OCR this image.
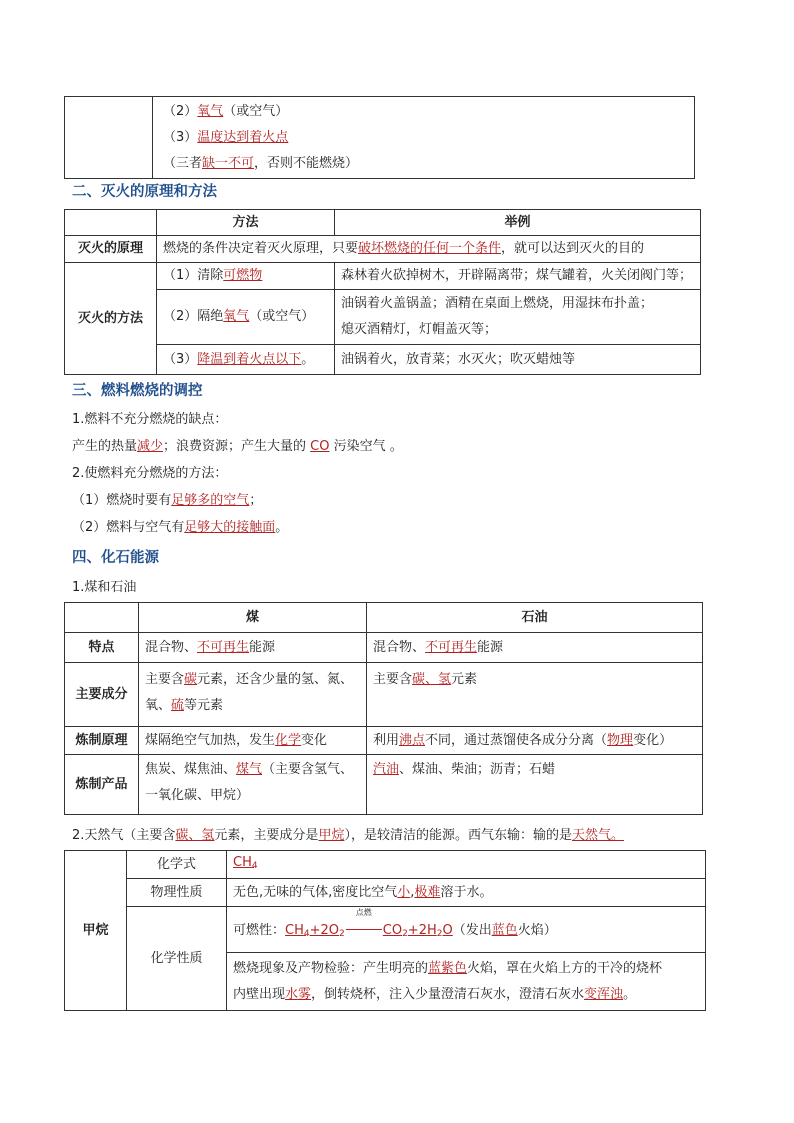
（2）氧气（或空气）
（3）温度达到着火点
（三者缺一不可，否则不能燃烧）
二、灭火的原理和方法
	方法	举例
灭火的原理	燃烧的条件决定着灭火原理，只要破坏燃烧的任何一个条件，就可以达到灭火的目的	
灭火的方法	（1）清除可燃物	森林着火砍掉树木，开辟隔离带；煤气罐着，火关闭阀门等；
	（2）隔绝氧气（或空气）	油锅着火盖锅盖；酒精在桌面上燃烧，用湿抹布扑盖；
熄灭酒精灯，灯帽盖灭等；

	（3）降温到着火点以下。	油锅着火，放青菜；水灭火；吹灭蜡烛等
三、燃料燃烧的调控
1.燃料不充分燃烧的缺点：
产生的热量减少；浪费资源；产生大量的 CO 污染空气 。
2.使燃料充分燃烧的方法：
（1）燃烧时要有足够多的空气；
（2）燃料与空气有足够大的接触面。
四、化石能源
1.煤和石油
	煤	石油
特点	混合物、不可再生能源	混合物、不可再生能源
主要成分	主要含碳元素，还含少量的氢、氮、
氧、硫等元素	主要含碳、氢元素
炼制原理	煤隔绝空气加热，发生化学变化	利用沸点不同，通过蒸馏使各成分分离（物理变化）
炼制产品	焦炭、煤焦油、煤气（主要含氢气、
一氧化碳、甲烷）	汽油、煤油、柴油；沥青；石蜡
2.天然气（主要含碳、氢元素，主要成分是甲烷），是较清洁的能源。西气东输：输的是天然气。
甲烷	化学式	$CH_4$
	物理性质	无色,无味的气体,密度比空气小,极难溶于水。
	化学性质	可燃性：$CH_4+2O_2$
点燃
$CO_2+2H_2O$（发出蓝色火焰）

		燃烧现象及产物检验：产生明亮的蓝紫色火焰，罩在火焰上方的干冷的烧杯
内壁出现水雾，倒转烧杯，注入少量澄清石灰水，澄清石灰水变浑浊。
